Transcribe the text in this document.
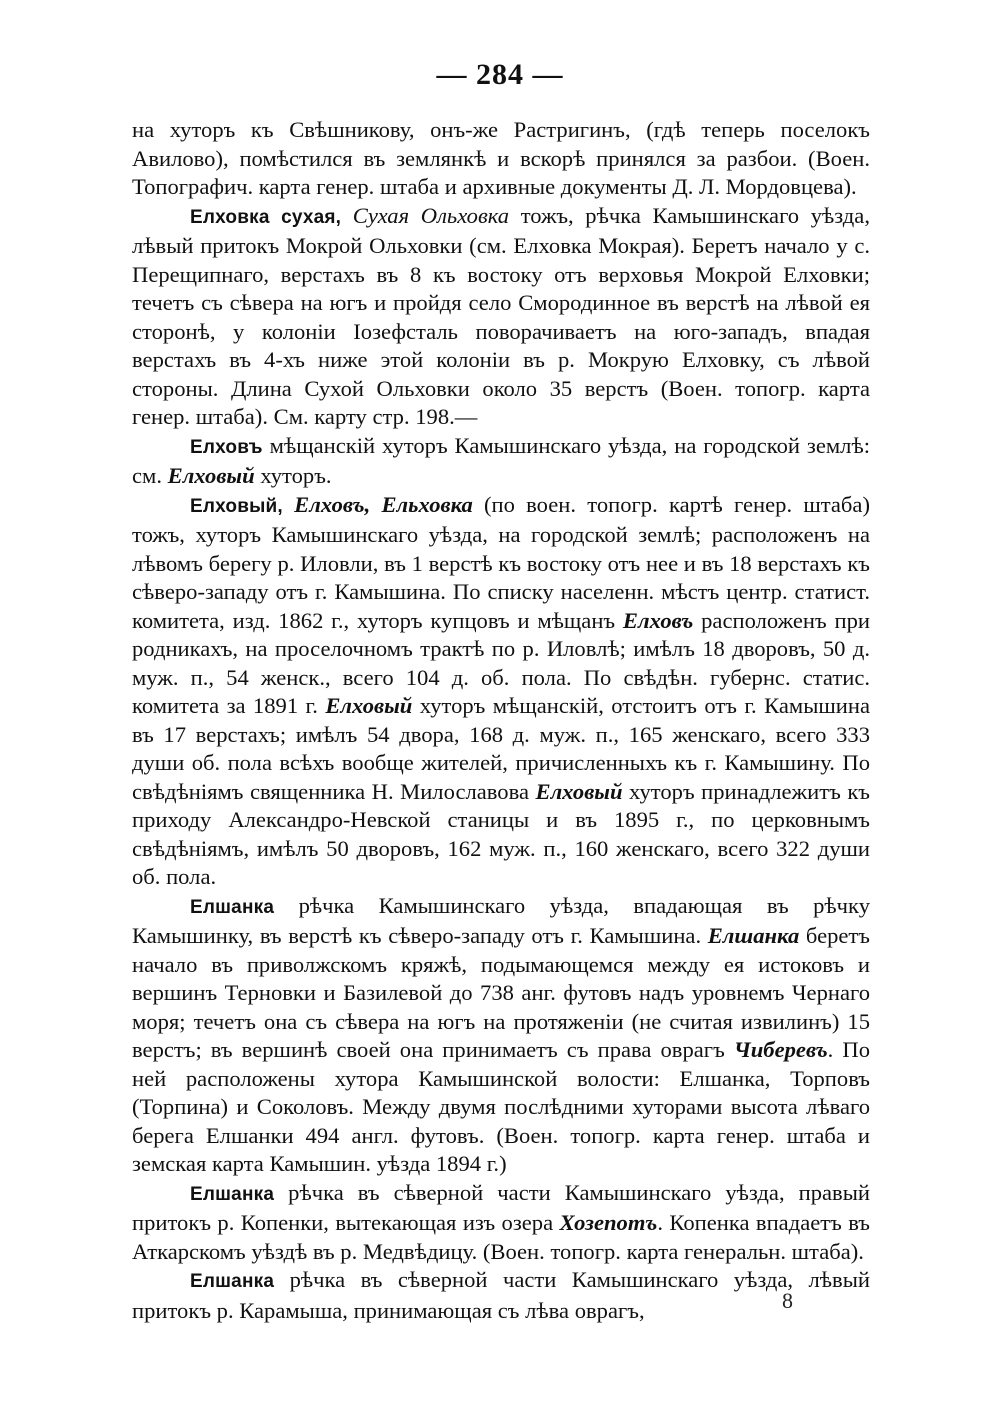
— 284 —

на хуторъ къ Свѣшникову, онъ-же Растригинъ, (гдѣ теперь поселокъ Авилово), помѣстился въ землянкѣ и вскорѣ принялся за разбои. (Воен. Топографич. карта генер. штаба и архивные документы Д. Л. Мордовцева).

Елховка сухая, Сухая Ольховка тожъ, рѣчка Камышинскаго уѣзда, лѣвый притокъ Мокрой Ольховки (см. Елховка Мокрая). Беретъ начало у с. Перещипнаго, верстахъ въ 8 къ востоку отъ верховья Мокрой Елховки; течетъ съ сѣвера на югъ и пройдя село Смородинное въ верстѣ на лѣвой ея сторонѣ, у колоніи Іозефсталь поворачиваетъ на юго-западъ, впадая верстахъ въ 4-хъ ниже этой колоніи въ р. Мокрую Елховку, съ лѣвой стороны. Длина Сухой Ольховки около 35 верстъ (Воен. топогр. карта генер. штаба). См. карту стр. 198.—

Елховъ мѣщанскій хуторъ Камышинскаго уѣзда, на городской землѣ: см. Елховый хуторъ.

Елховый, Елховъ, Ельховка (по воен. топогр. картѣ генер. штаба) тожъ, хуторъ Камышинскаго уѣзда, на городской землѣ; расположенъ на лѣвомъ берегу р. Иловли, въ 1 верстѣ къ востоку отъ нее и въ 18 верстахъ къ сѣверо-западу отъ г. Камышина. По списку населенн. мѣстъ центр. статист. комитета, изд. 1862 г., хуторъ купцовъ и мѣщанъ Елховъ расположенъ при родникахъ, на проселочномъ трактѣ по р. Иловлѣ; имѣлъ 18 дворовъ, 50 д. муж. п., 54 женск., всего 104 д. об. пола. По свѣдѣн. губернс. статис. комитета за 1891 г. Елховый хуторъ мѣщанскій, отстоитъ отъ г. Камышина въ 17 верстахъ; имѣлъ 54 двора, 168 д. муж. п., 165 женскаго, всего 333 души об. пола всѣхъ вообще жителей, причисленныхъ къ г. Камышину. По свѣдѣніямъ священника Н. Милославова Елховый хуторъ принадлежитъ къ приходу Александро-Невской станицы и въ 1895 г., по церковнымъ свѣдѣніямъ, имѣлъ 50 дворовъ, 162 муж. п., 160 женскаго, всего 322 души об. пола.

Елшанка рѣчка Камышинскаго уѣзда, впадающая въ рѣчку Камышинку, въ верстѣ къ сѣверо-западу отъ г. Камышина. Елшанка беретъ начало въ приволжскомъ кряжѣ, подымающемся между ея истоковъ и вершинъ Терновки и Базилевой до 738 анг. футовъ надъ уровнемъ Чернаго моря; течетъ она съ сѣвера на югъ на протяженіи (не считая извилинъ) 15 верстъ; въ вершинѣ своей она принимаетъ съ права оврагъ Чиберевъ. По ней расположены хутора Камышинской волости: Елшанка, Торповъ (Торпина) и Соколовъ. Между двумя послѣдними хуторами высота лѣваго берега Елшанки 494 англ. футовъ. (Воен. топогр. карта генер. штаба и земская карта Камышин. уѣзда 1894 г.)

Елшанка рѣчка въ сѣверной части Камышинскаго уѣзда, правый притокъ р. Копенки, вытекающая изъ озера Хозепотъ. Копенка впадаетъ въ Аткарскомъ уѣздѣ въ р. Медвѣдицу. (Воен. топогр. карта генеральн. штаба).

Елшанка рѣчка въ сѣверной части Камышинскаго уѣзда, лѣвый притокъ р. Карамыша, принимающая съ лѣва оврагъ,	8
